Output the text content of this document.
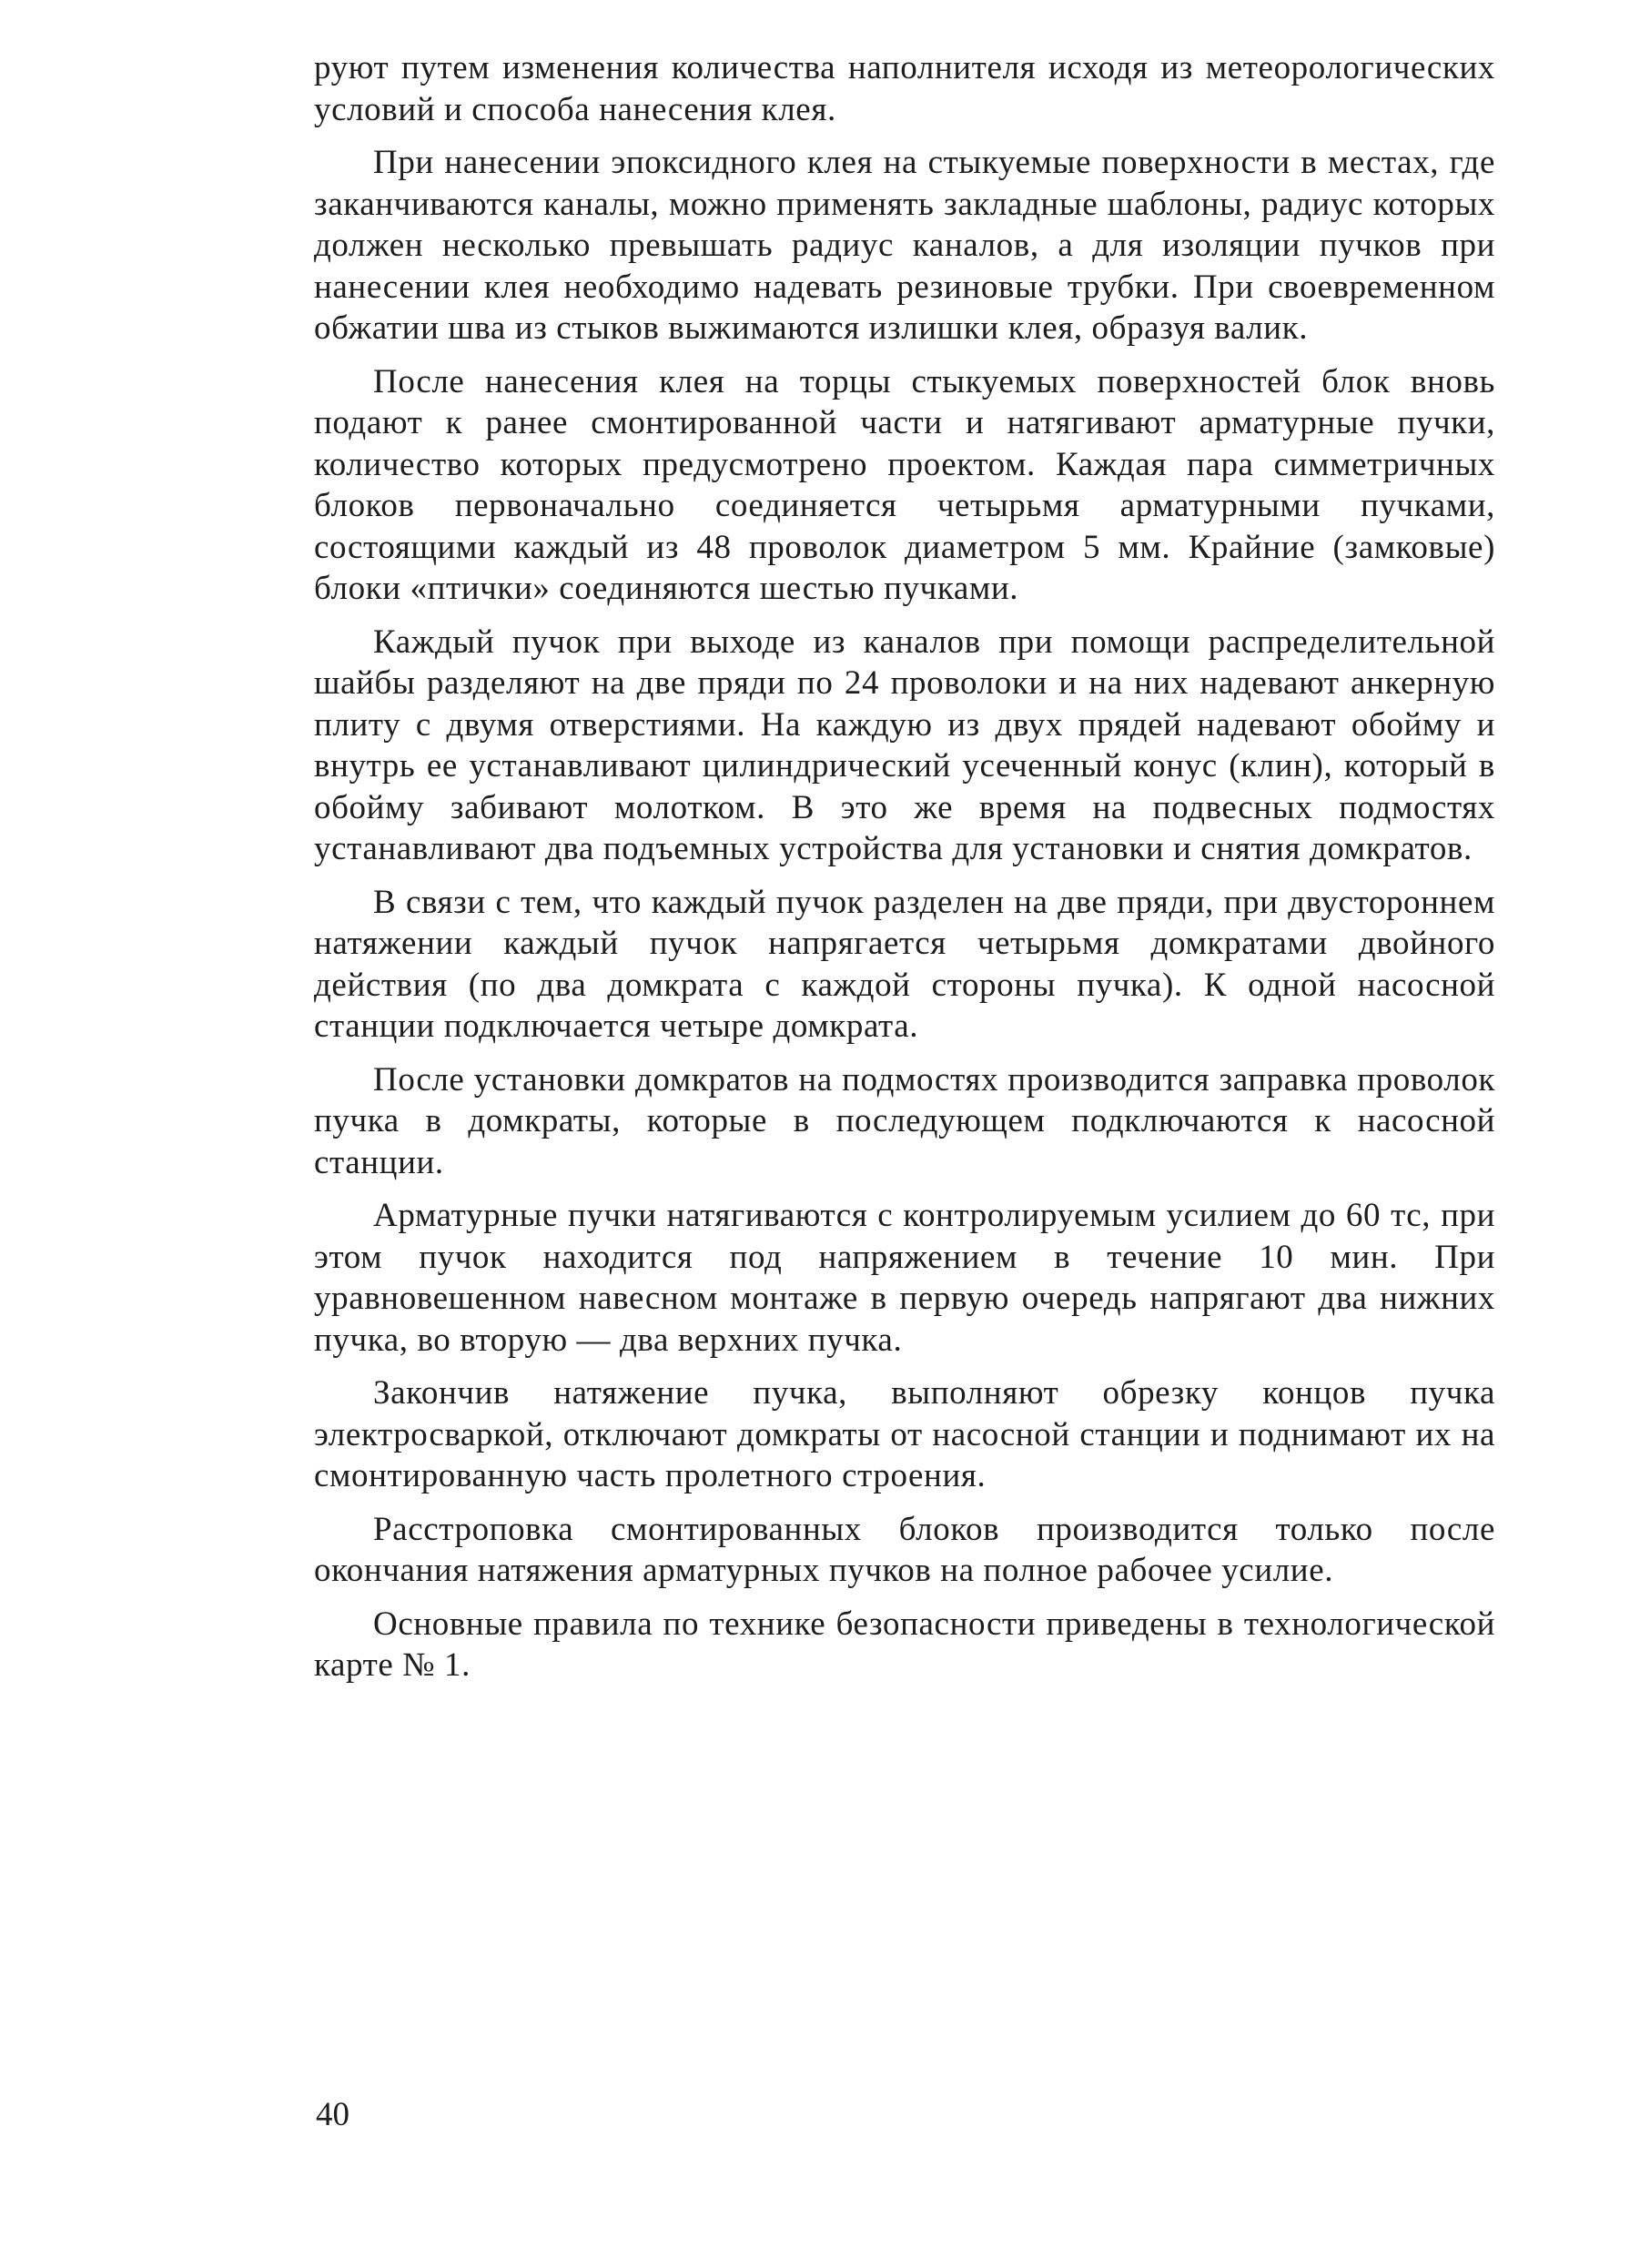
руют путем изменения количества наполнителя исходя из метеорологических условий и способа нанесения клея.

При нанесении эпоксидного клея на стыкуемые поверхности в местах, где заканчиваются каналы, можно применять закладные шаблоны, радиус которых должен несколько превышать радиус каналов, а для изоляции пучков при нанесении клея необходимо надевать резиновые трубки. При своевременном обжатии шва из стыков выжимаются излишки клея, образуя валик.

После нанесения клея на торцы стыкуемых поверхностей блок вновь подают к ранее смонтированной части и натягивают арматурные пучки, количество которых предусмотрено проектом. Каждая пара симметричных блоков первоначально соединяется четырьмя арматурными пучками, состоящими каждый из 48 проволок диаметром 5 мм. Крайние (замковые) блоки «птички» соединяются шестью пучками.

Каждый пучок при выходе из каналов при помощи распределительной шайбы разделяют на две пряди по 24 проволоки и на них надевают анкерную плиту с двумя отверстиями. На каждую из двух прядей надевают обойму и внутрь ее устанавливают цилиндрический усеченный конус (клин), который в обойму забивают молотком. В это же время на подвесных подмостях устанавливают два подъемных устройства для установки и снятия домкратов.

В связи с тем, что каждый пучок разделен на две пряди, при двустороннем натяжении каждый пучок напрягается четырьмя домкратами двойного действия (по два домкрата с каждой стороны пучка). К одной насосной станции подключается четыре домкрата.

После установки домкратов на подмостях производится заправка проволок пучка в домкраты, которые в последующем подключаются к насосной станции.

Арматурные пучки натягиваются с контролируемым усилием до 60 тс, при этом пучок находится под напряжением в течение 10 мин. При уравновешенном навесном монтаже в первую очередь напрягают два нижних пучка, во вторую — два верхних пучка.

Закончив натяжение пучка, выполняют обрезку концов пучка электросваркой, отключают домкраты от насосной станции и поднимают их на смонтированную часть пролетного строения.

Расстроповка смонтированных блоков производится только после окончания натяжения арматурных пучков на полное рабочее усилие.

Основные правила по технике безопасности приведены в технологической карте № 1.

40
